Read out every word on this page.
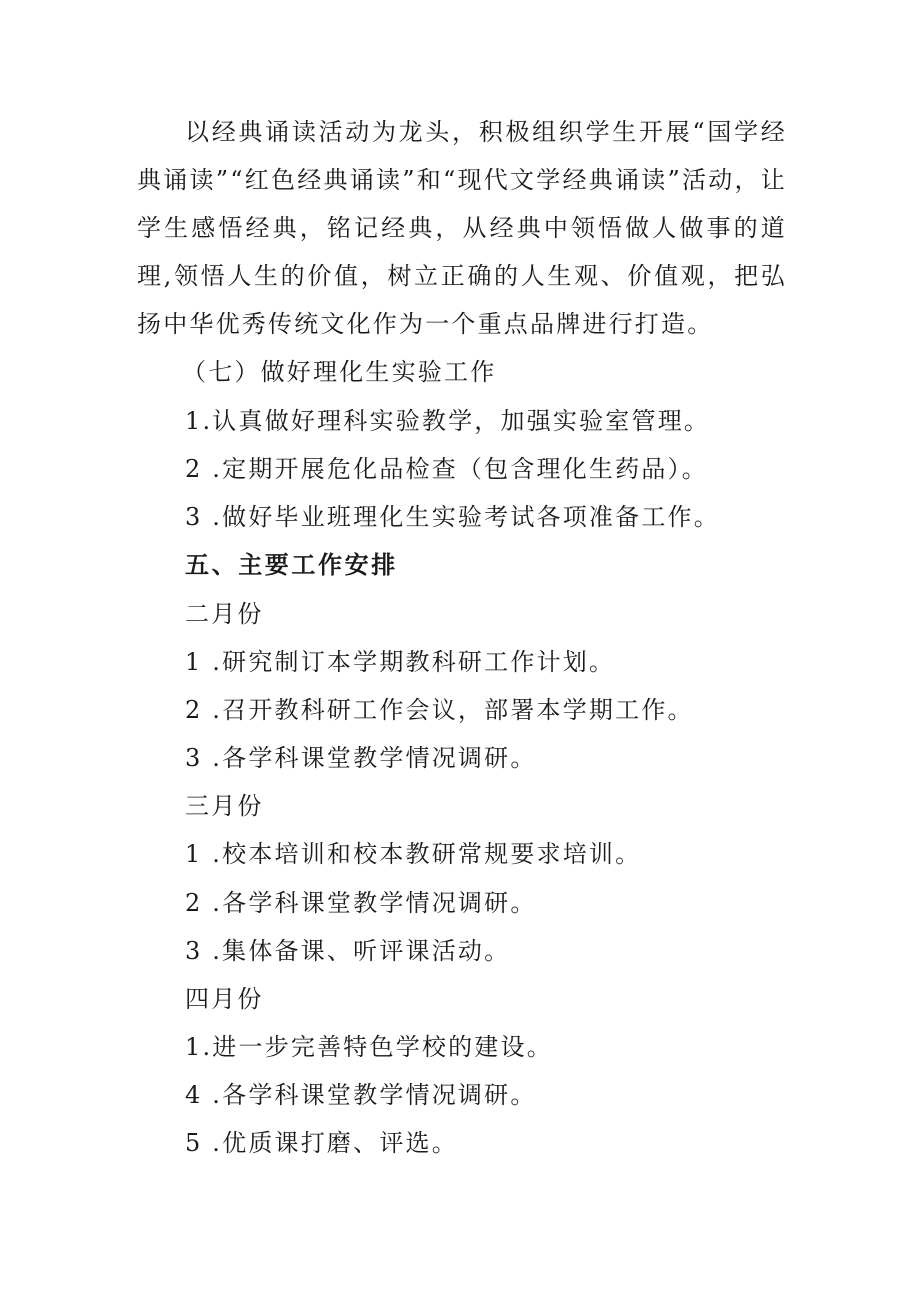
以经典诵读活动为龙头，积极组织学生开展“国学经典诵读”“红色经典诵读”和“现代文学经典诵读”活动，让学生感悟经典，铭记经典，从经典中领悟做人做事的道理,领悟人生的价值，树立正确的人生观、价值观，把弘扬中华优秀传统文化作为一个重点品牌进行打造。

（七）做好理化生实验工作

1.认真做好理科实验教学，加强实验室管理。

2 .定期开展危化品检查（包含理化生药品）。

3 .做好毕业班理化生实验考试各项准备工作。

五、主要工作安排

二月份

1 .研究制订本学期教科研工作计划。

2 .召开教科研工作会议，部署本学期工作。

3 .各学科课堂教学情况调研。

三月份

1 .校本培训和校本教研常规要求培训。

2 .各学科课堂教学情况调研。

3 .集体备课、听评课活动。

四月份

1.进一步完善特色学校的建设。

4 .各学科课堂教学情况调研。

5 .优质课打磨、评选。
